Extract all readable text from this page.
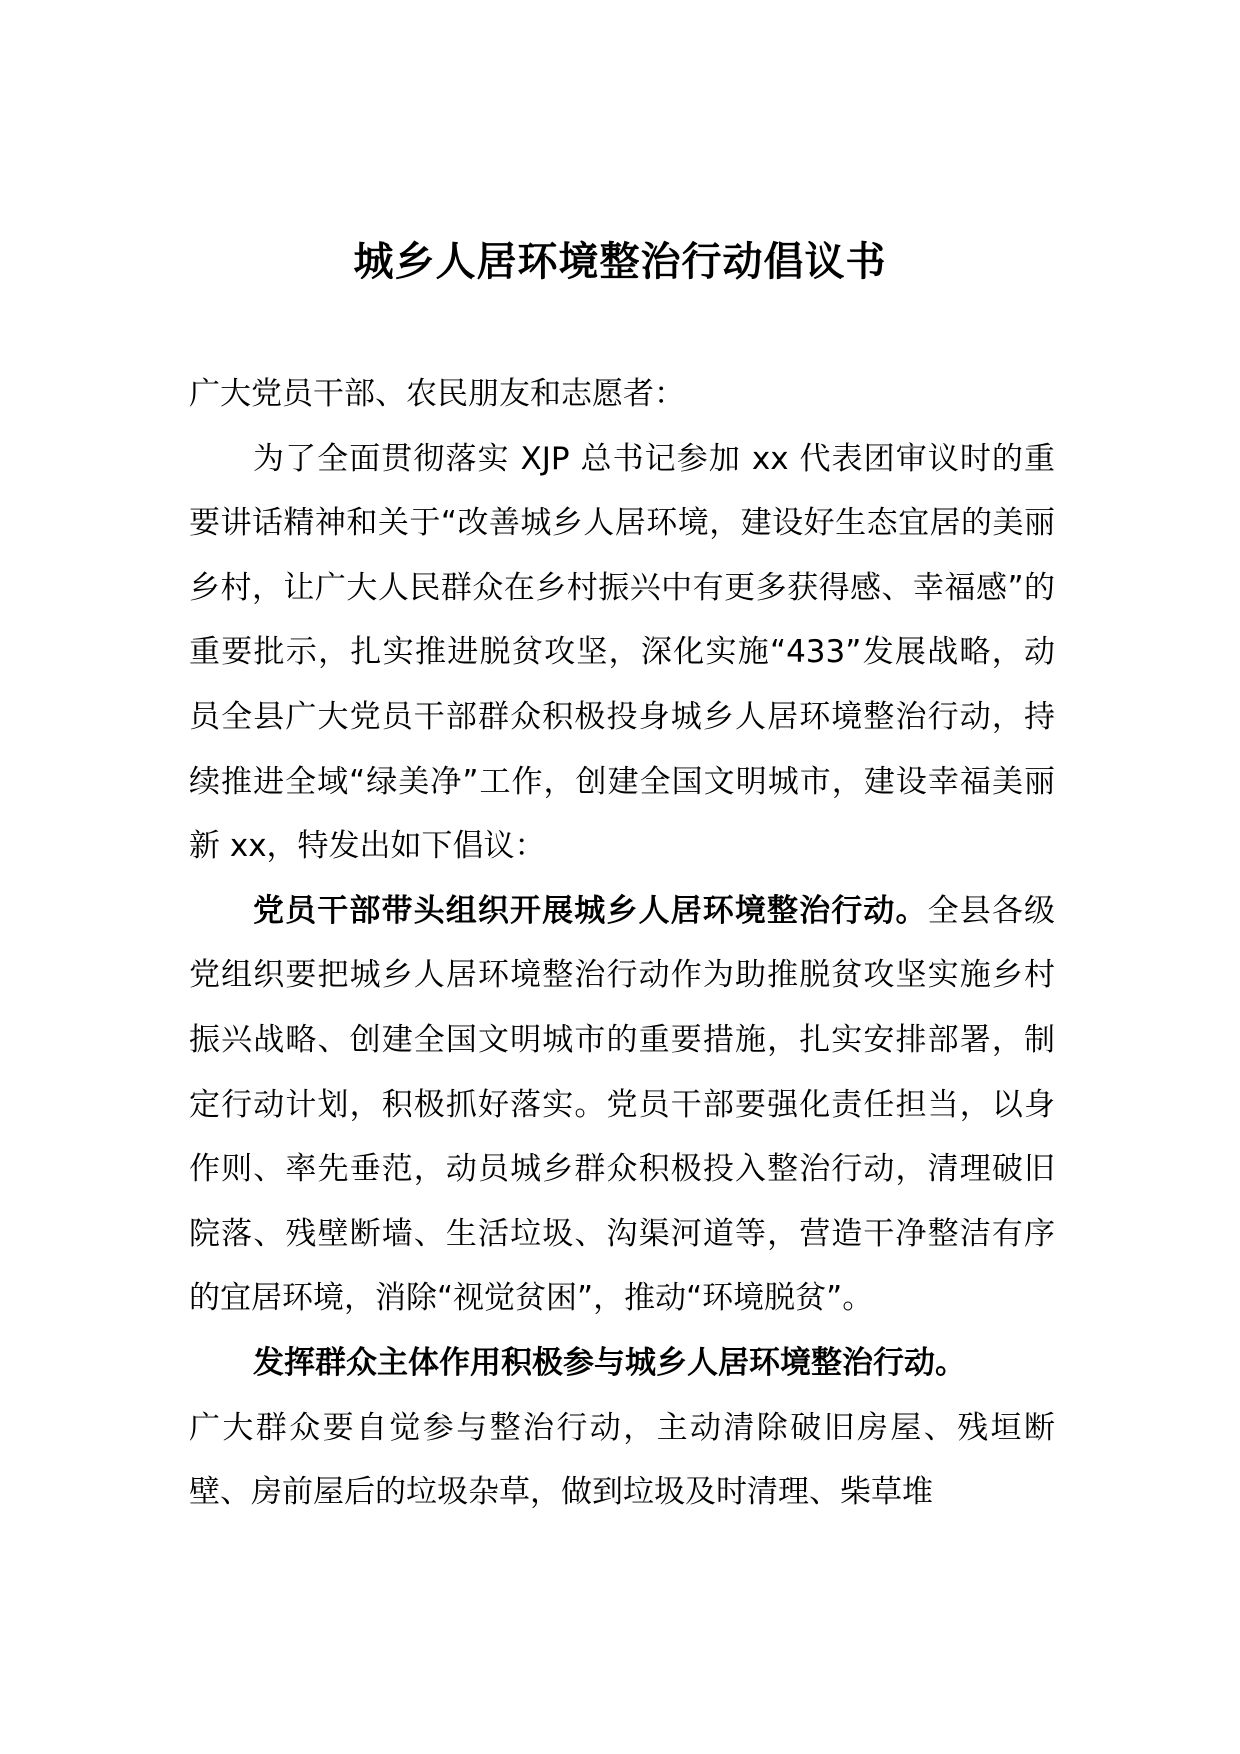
城乡人居环境整治行动倡议书

广大党员干部、农民朋友和志愿者：

为了全面贯彻落实 XJP 总书记参加 xx 代表团审议时的重要讲话精神和关于“改善城乡人居环境，建设好生态宜居的美丽乡村，让广大人民群众在乡村振兴中有更多获得感、幸福感”的重要批示，扎实推进脱贫攻坚，深化实施“433”发展战略，动员全县广大党员干部群众积极投身城乡人居环境整治行动，持续推进全域“绿美净”工作，创建全国文明城市，建设幸福美丽新 xx，特发出如下倡议：

党员干部带头组织开展城乡人居环境整治行动。全县各级党组织要把城乡人居环境整治行动作为助推脱贫攻坚实施乡村振兴战略、创建全国文明城市的重要措施，扎实安排部署，制定行动计划，积极抓好落实。党员干部要强化责任担当，以身作则、率先垂范，动员城乡群众积极投入整治行动，清理破旧院落、残壁断墙、生活垃圾、沟渠河道等，营造干净整洁有序的宜居环境，消除“视觉贫困”，推动“环境脱贫”。

发挥群众主体作用积极参与城乡人居环境整治行动。

广大群众要自觉参与整治行动，主动清除破旧房屋、残垣断壁、房前屋后的垃圾杂草，做到垃圾及时清理、柴草堆
